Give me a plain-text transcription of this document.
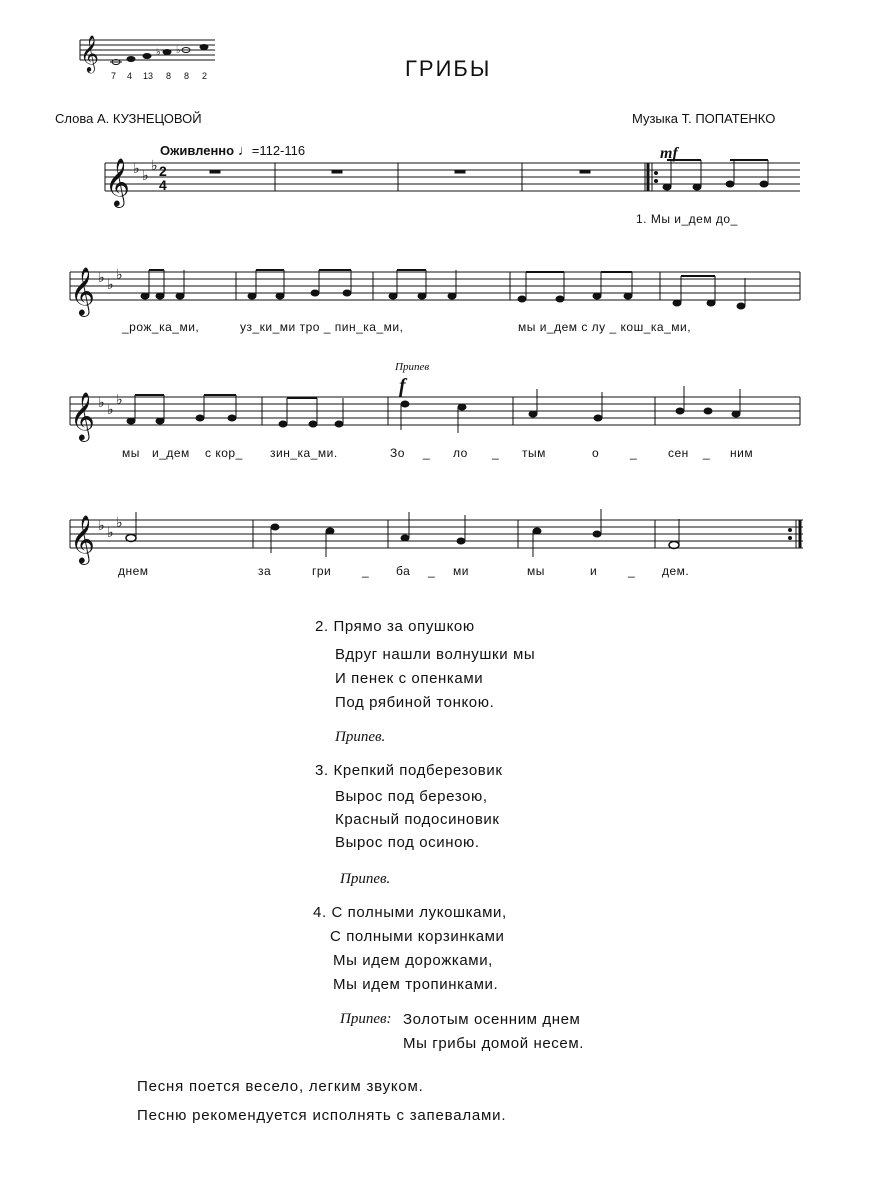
ГРИБЫ
Слова А. КУЗНЕЦОВОЙ	Музыка Т. ПОПАТЕНКО
7 4 13 8 8 2
Оживленно ♩=112-116	mf
Припев
f
𝄞	♭ ♭
𝄞 ♭ ♭
♭ 2
4
𝄞 ♭ ♭
♭
𝄞 ♭ ♭
♭
𝄞 ♭ ♭
♭
1. Мы и_дем до_
_рож_ка_ми,	уз_ки_ми тро _ пин_ка_ми,	мы и_дем с лу _ кош_ка_ми,
мы и_дем с кор_ зин_ка_ми.	Зо _ ло _ тым	о	_	сен _ ним
днем	за	гри	_ ба _ ми	мы	и	_ дем.
2. Прямо за опушкою
Вдруг нашли волнушки мы
И пенек с опенками
Под рябиной тонкою.
Припев.
3. Крепкий подберезовик
Вырос под березою,
Красный подосиновик
Вырос под осиною.
Припев.
4. С полными лукошками,
С полными корзинками
Мы идем дорожками,
Мы идем тропинками.
Припев: Золотым осенним днем
Мы грибы домой несем.
Песня поется весело, легким звуком.
Песню рекомендуется исполнять с запевалами.
